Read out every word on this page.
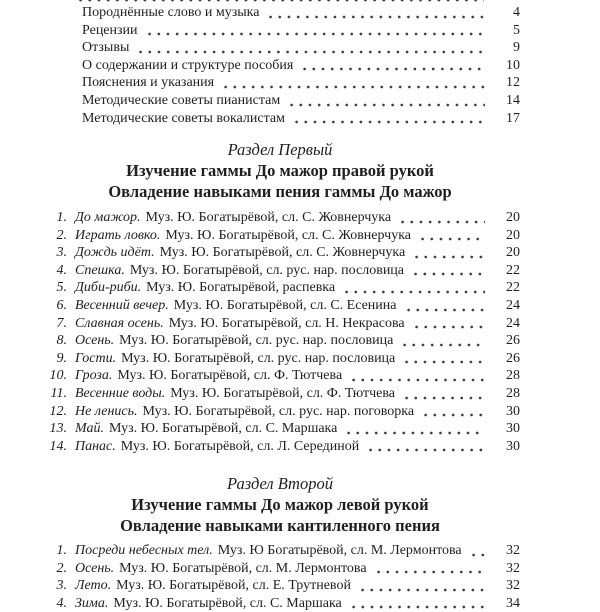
Породнённые слово и музыка	4
Рецензии	5
Отзывы	9
О содержании и структуре пособия	10
Пояснения и указания	12
Методические советы пианистам	14
Методические советы вокалистам	17
Раздел Первый
Изучение гаммы До мажор правой рукой
Овладение навыками пения гаммы До мажор
1. До мажор. Муз. Ю. Богатырёвой, сл. С. Жовнерчука	20
2. Играть ловко. Муз. Ю. Богатырёвой, сл. С. Жовнерчука	20
3. Дождь идёт. Муз. Ю. Богатырёвой, сл. С. Жовнерчука	20
4. Спешка. Муз. Ю. Богатырёвой, сл. рус. нар. пословица	22
5. Диби-риби. Муз. Ю. Богатырёвой, распевка	22
6. Весенний вечер. Муз. Ю. Богатырёвой, сл. С. Есенина	24
7. Славная осень. Муз. Ю. Богатырёвой, сл. Н. Некрасова	24
8. Осень. Муз. Ю. Богатырёвой, сл. рус. нар. пословица	26
9. Гости. Муз. Ю. Богатырёвой, сл. рус. нар. пословица	26
10. Гроза. Муз. Ю. Богатырёвой, сл. Ф. Тютчева	28
11. Весенние воды. Муз. Ю. Богатырёвой, сл. Ф. Тютчева	28
12. Не ленись. Муз. Ю. Богатырёвой, сл. рус. нар. поговорка	30
13. Май. Муз. Ю. Богатырёвой, сл. С. Маршака	30
14. Панас. Муз. Ю. Богатырёвой, сл. Л. Серединой	30
Раздел Второй
Изучение гаммы До мажор левой рукой
Овладение навыками кантиленного пения
1. Посреди небесных тел. Муз. Ю Богатырёвой, сл. М. Лермонтова	32
2. Осень. Муз. Ю. Богатырёвой, сл. М. Лермонтова	32
3. Лето. Муз. Ю. Богатырёвой, сл. Е. Трутневой	32
4. Зима. Муз. Ю. Богатырёвой, сл. С. Маршака	34
